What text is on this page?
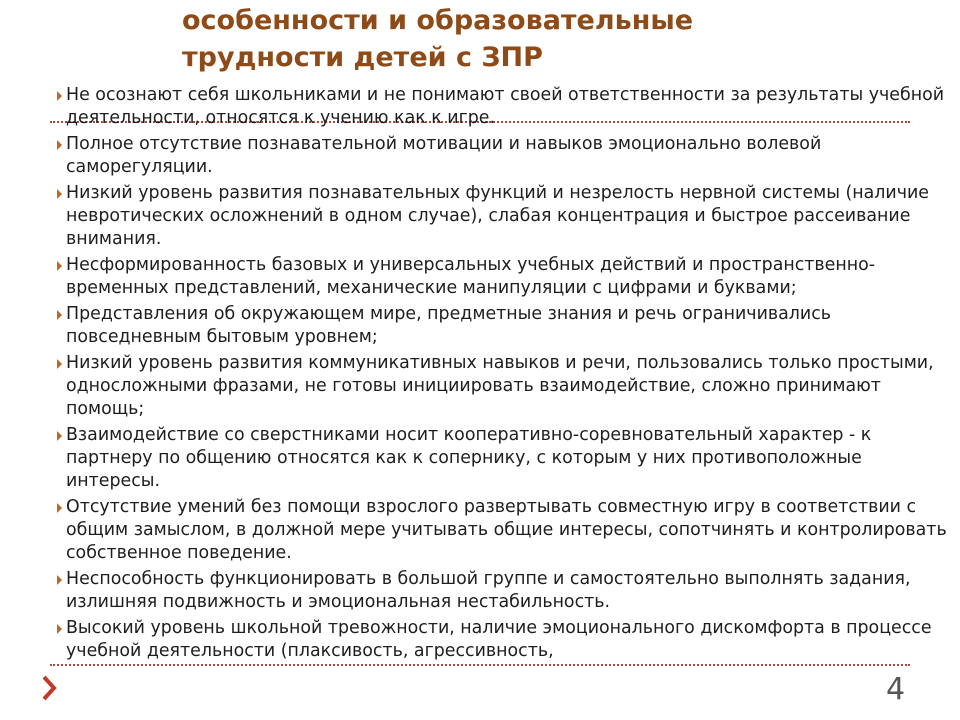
особенности и образовательные
трудности детей с ЗПР
Не осознают себя школьниками и не понимают своей ответственности за результаты учебной деятельности, относятся к учению как к игре.
Полное отсутствие познавательной мотивации и навыков эмоционально волевой саморегуляции.
Низкий уровень развития познавательных функций и незрелость нервной системы (наличие невротических осложнений в одном случае), слабая концентрация и быстрое рассеивание внимания.
Несформированность базовых и универсальных учебных действий и пространственно-временных представлений, механические манипуляции с цифрами и буквами;
Представления об окружающем мире, предметные знания и речь ограничивались повседневным бытовым уровнем;
Низкий уровень развития коммуникативных навыков и речи, пользовались только простыми, односложными фразами, не готовы инициировать взаимодействие, сложно принимают помощь;
Взаимодействие со сверстниками носит кооперативно-соревновательный характер - к партнеру по общению относятся как к сопернику, с которым у них противоположные интересы.
Отсутствие умений без помощи взрослого развертывать совместную игру в соответствии с общим замыслом, в должной мере учитывать общие интересы, сопотчинять и контролировать собственное поведение.
Неспособность функционировать в большой группе и самостоятельно выполнять задания, излишняя подвижность и эмоциональная нестабильность.
Высокий уровень школьной тревожности, наличие эмоционального дискомфорта в процессе учебной деятельности (плаксивость, агрессивность,
4
